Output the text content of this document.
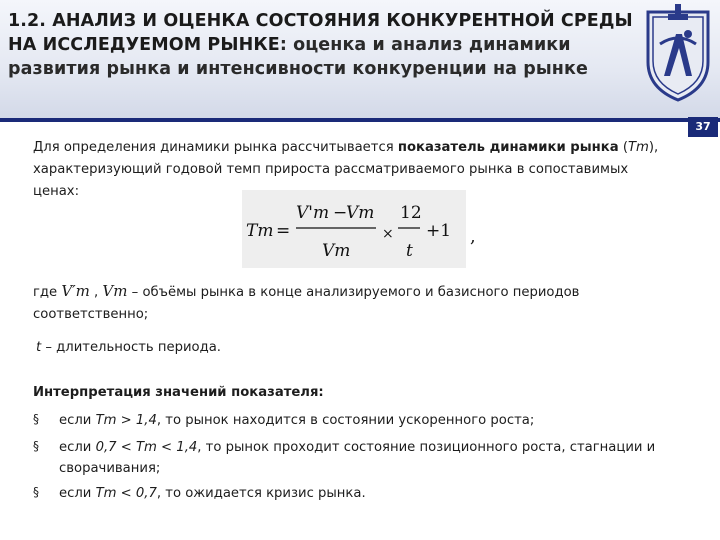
1.2. АНАЛИЗ И ОЦЕНКА СОСТОЯНИЯ КОНКУРЕНТНОЙ СРЕДЫ НА ИССЛЕДУЕМОМ РЫНКЕ: оценка и анализ динамики развития рынка и интенсивности конкуренции на рынке
37
Для определения динамики рынка рассчитывается показатель динамики рынка (Tm), характеризующий годовой темп прироста рассматриваемого рынка в сопоставимых ценах:
Tm =
V'm −
Vm
Vm
×
12
t
+1 ,
где V′m , Vm – объёмы рынка в конце анализируемого и базисного периодов соответственно;
t – длительность периода.
Интерпретация значений показателя:
§ если Tm > 1,4, то рынок находится в состоянии ускоренного роста;
§ если 0,7 < Tm < 1,4, то рынок проходит состояние позиционного роста, стагнации и сворачивания;
§ если Tm < 0,7, то ожидается кризис рынка.
